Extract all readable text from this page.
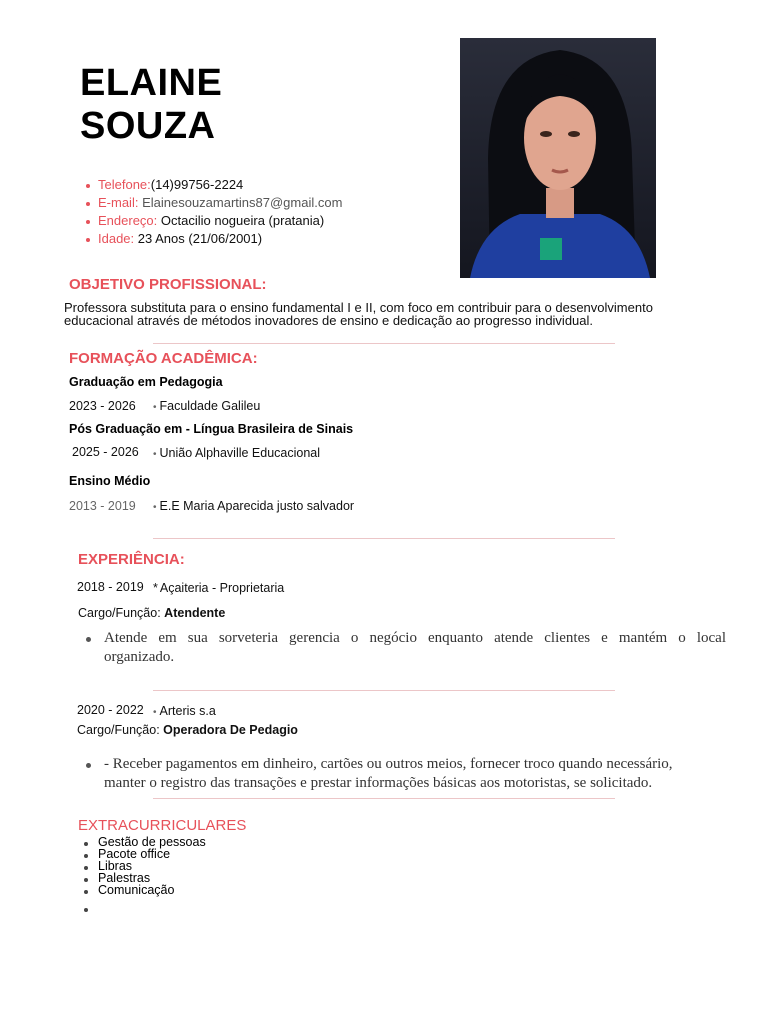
ELAINE
SOUZA
Telefone:(14)99756-2224
E-mail: Elainesouzamartins87@gmail.com
Endereço: Octacilio nogueira (pratania)
Idade: 23 Anos (21/06/2001)
OBJETIVO PROFISSIONAL:
Professora substituta para o ensino fundamental I e II, com foco em contribuir para o desenvolvimento
educacional através de métodos inovadores de ensino e dedicação ao progresso individual.
FORMAÇÃO ACADÊMICA:
Graduação em Pedagogia
2023 - 2026	• Faculdade Galileu
Pós Graduação em - Língua Brasileira de Sinais
2025 - 2026	• União Alphaville Educacional
Ensino Médio
2013 - 2019	• E.E Maria Aparecida justo salvador
EXPERIÊNCIA:
2018 - 2019 * Açaiteria - Proprietaria
Cargo/Função: Atendente
Atende em sua sorveteria gerencia o negócio enquanto atende clientes e mantém o local
organizado.
2020 - 2022	• Arteris s.a
Cargo/Função: Operadora De Pedagio
- Receber pagamentos em dinheiro, cartões ou outros meios, fornecer troco quando necessário,
manter o registro das transações e prestar informações básicas aos motoristas, se solicitado.
EXTRACURRICULARES
Gestão de pessoas
Pacote office
Libras
Palestras
Comunicação
